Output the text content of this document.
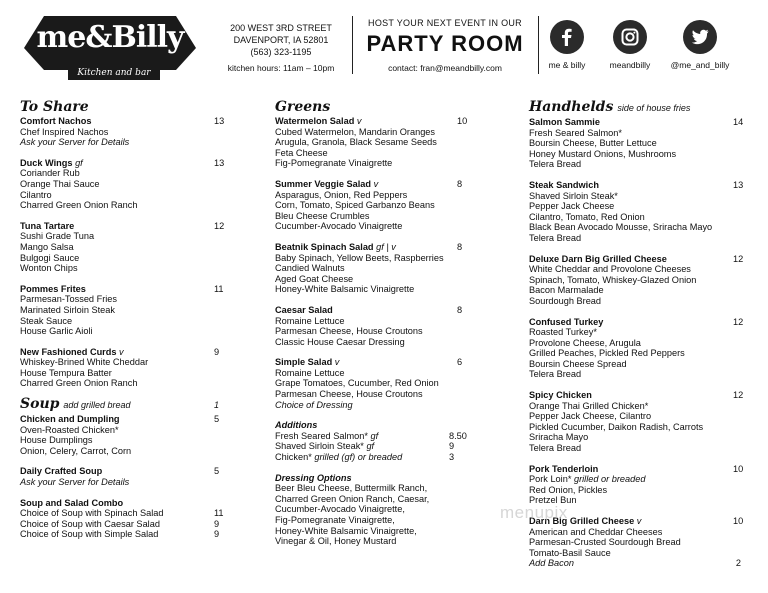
me&Billy
Kitchen and bar
200 WEST 3RD STREET
DAVENPORT, IA 52801
(563) 323-1195
kitchen hours: 11am – 10pm
HOST YOUR NEXT EVENT IN OUR
PARTY ROOM
contact: fran@meandbilly.com	me & billy	meandbilly	@me_and_billy
To Share
Comfort Nachos	13
Chef Inspired Nachos
Ask your Server for Details
Duck Wings gf	13
Coriander Rub
Orange Thai Sauce
Cilantro
Charred Green Onion Ranch
Tuna Tartare	12
Sushi Grade Tuna
Mango Salsa
Bulgogi Sauce
Wonton Chips
Pommes Frites	11
Parmesan-Tossed Fries
Marinated Sirloin Steak
Steak Sauce
House Garlic Aioli
New Fashioned Curds v	9
Whiskey-Brined White Cheddar
House Tempura Batter
Charred Green Onion Ranch
Soup add grilled bread	1
Chicken and Dumpling	5
Oven-Roasted Chicken*
House Dumplings
Onion, Celery, Carrot, Corn
Daily Crafted Soup	5
Ask your Server for Details
Soup and Salad Combo
Choice of Soup with Spinach Salad	11
Choice of Soup with Caesar Salad	9
Choice of Soup with Simple Salad	9
Greens
Watermelon Salad v	10
Cubed Watermelon, Mandarin Oranges
Arugula, Granola, Black Sesame Seeds
Feta Cheese
Fig-Pomegranate Vinaigrette
Summer Veggie Salad v	8
Asparagus, Onion, Red Peppers
Corn, Tomato, Spiced Garbanzo Beans
Bleu Cheese Crumbles
Cucumber-Avocado Vinaigrette
Beatnik Spinach Salad gf | v	8
Baby Spinach, Yellow Beets, Raspberries
Candied Walnuts
Aged Goat Cheese
Honey-White Balsamic Vinaigrette
Caesar Salad	8
Romaine Lettuce
Parmesan Cheese, House Croutons
Classic House Caesar Dressing
Simple Salad v	6
Romaine Lettuce
Grape Tomatoes, Cucumber, Red Onion
Parmesan Cheese, House Croutons
Choice of Dressing
Additions
Fresh Seared Salmon* gf	8.50
Shaved Sirloin Steak* gf	9
Chicken* grilled (gf) or breaded	3
Dressing Options
Beer Bleu Cheese, Buttermilk Ranch,
Charred Green Onion Ranch, Caesar,
Cucumber-Avocado Vinaigrette,
Fig-Pomegranate Vinaigrette,
Honey-White Balsamic Vinaigrette,
Vinegar & Oil, Honey Mustard
Handhelds side of house fries
Salmon Sammie	14
Fresh Seared Salmon*
Boursin Cheese, Butter Lettuce
Honey Mustard Onions, Mushrooms
Telera Bread
Steak Sandwich	13
Shaved Sirloin Steak*
Pepper Jack Cheese
Cilantro, Tomato, Red Onion
Black Bean Avocado Mousse, Sriracha Mayo
Telera Bread
Deluxe Darn Big Grilled Cheese	12
White Cheddar and Provolone Cheeses
Spinach, Tomato, Whiskey-Glazed Onion
Bacon Marmalade
Sourdough Bread
Confused Turkey	12
Roasted Turkey*
Provolone Cheese, Arugula
Grilled Peaches, Pickled Red Peppers
Boursin Cheese Spread
Telera Bread
Spicy Chicken	12
Orange Thai Grilled Chicken*
Pepper Jack Cheese, Cilantro
Pickled Cucumber, Daikon Radish, Carrots
Sriracha Mayo
Telera Bread
Pork Tenderloin	10
Pork Loin* grilled or breaded
Red Onion, Pickles
Pretzel Bun
Darn Big Grilled Cheese v	10
American and Cheddar Cheeses
Parmesan-Crusted Sourdough Bread
Tomato-Basil Sauce
Add Bacon	2
menupix
